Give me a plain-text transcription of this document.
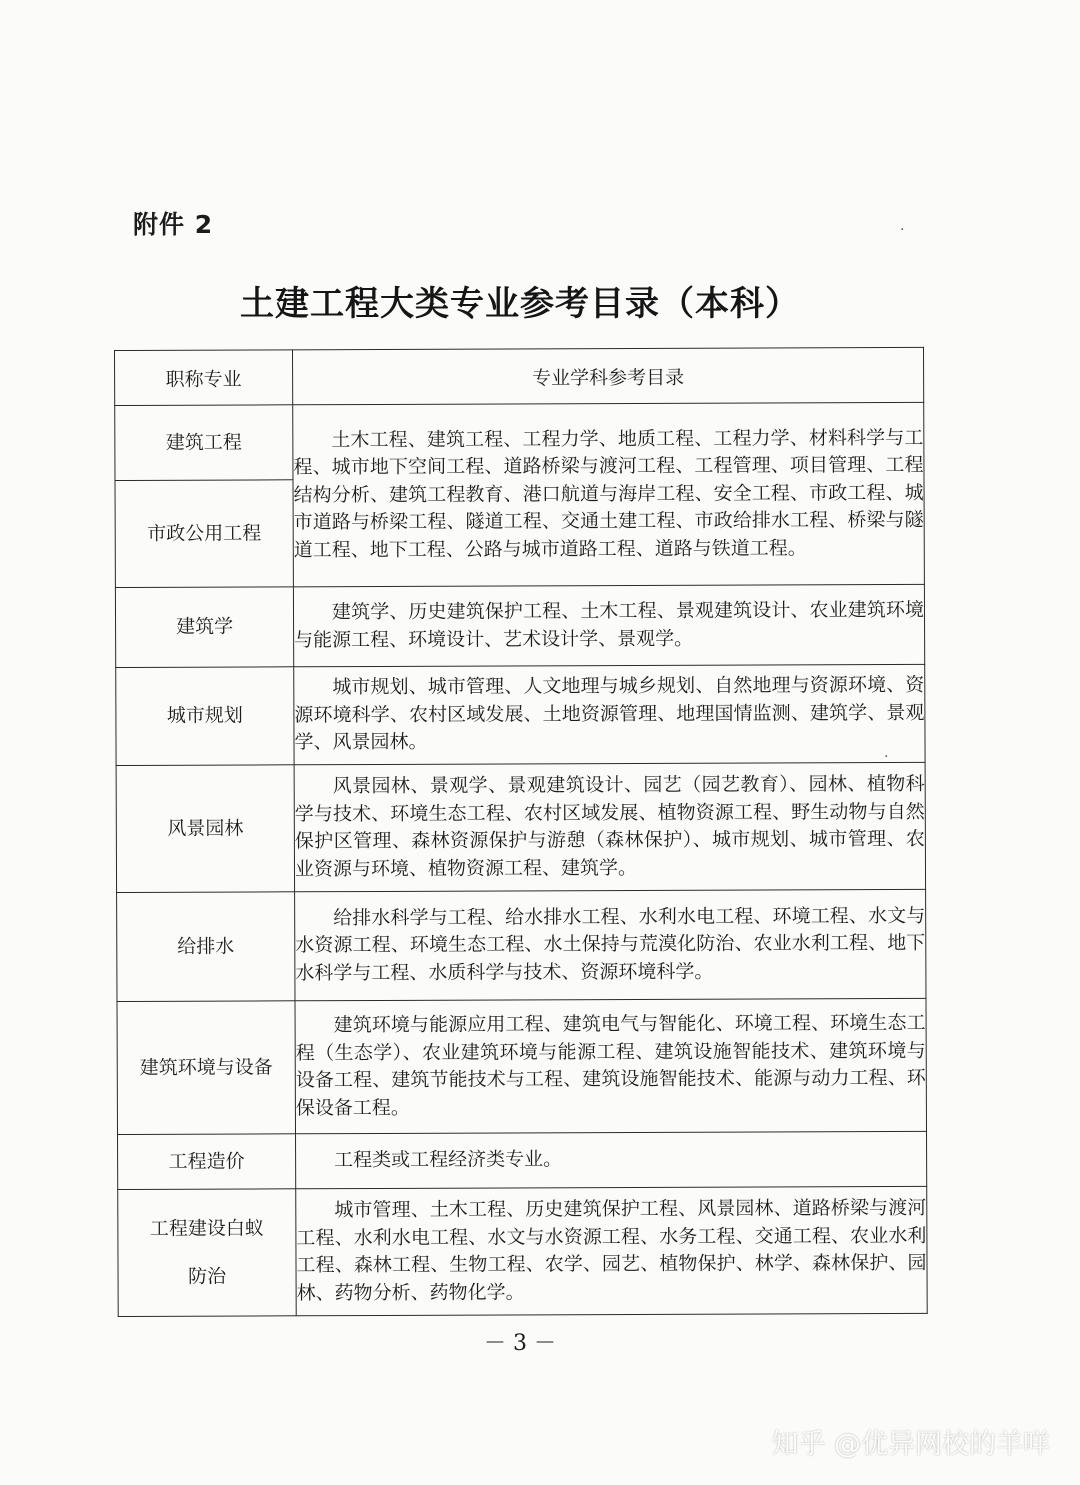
附件 2
土建工程大类专业参考目录（本科）
职称专业	专业学科参考目录
建筑工程	土木工程、建筑工程、工程力学、地质工程、工程力学、材料科学与工程、城市地下空间工程、道路桥梁与渡河工程、工程管理、项目管理、工程结构分析、建筑工程教育、港口航道与海岸工程、安全工程、市政工程、城市道路与桥梁工程、隧道工程、交通土建工程、市政给排水工程、桥梁与隧道工程、地下工程、公路与城市道路工程、道路与铁道工程。
市政公用工程	
建筑学	建筑学、历史建筑保护工程、土木工程、景观建筑设计、农业建筑环境与能源工程、环境设计、艺术设计学、景观学。
城市规划	城市规划、城市管理、人文地理与城乡规划、自然地理与资源环境、资源环境科学、农村区域发展、土地资源管理、地理国情监测、建筑学、景观学、风景园林。
风景园林	风景园林、景观学、景观建筑设计、园艺（园艺教育）、园林、植物科学与技术、环境生态工程、农村区域发展、植物资源工程、野生动物与自然保护区管理、森林资源保护与游憩（森林保护）、城市规划、城市管理、农业资源与环境、植物资源工程、建筑学。
给排水	给排水科学与工程、给水排水工程、水利水电工程、环境工程、水文与水资源工程、环境生态工程、水土保持与荒漠化防治、农业水利工程、地下水科学与工程、水质科学与技术、资源环境科学。
建筑环境与设备	建筑环境与能源应用工程、建筑电气与智能化、环境工程、环境生态工程（生态学）、农业建筑环境与能源工程、建筑设施智能技术、建筑环境与设备工程、建筑节能技术与工程、建筑设施智能技术、能源与动力工程、环保设备工程。
工程造价	工程类或工程经济类专业。

工程建设白蚁
防治	城市管理、土木工程、历史建筑保护工程、风景园林、道路桥梁与渡河工程、水利水电工程、水文与水资源工程、水务工程、交通工程、农业水利工程、森林工程、生物工程、农学、园艺、植物保护、林学、森林保护、园林、药物分析、药物化学。
－ 3 －
知乎 @优异网校的羊咩
.
.
